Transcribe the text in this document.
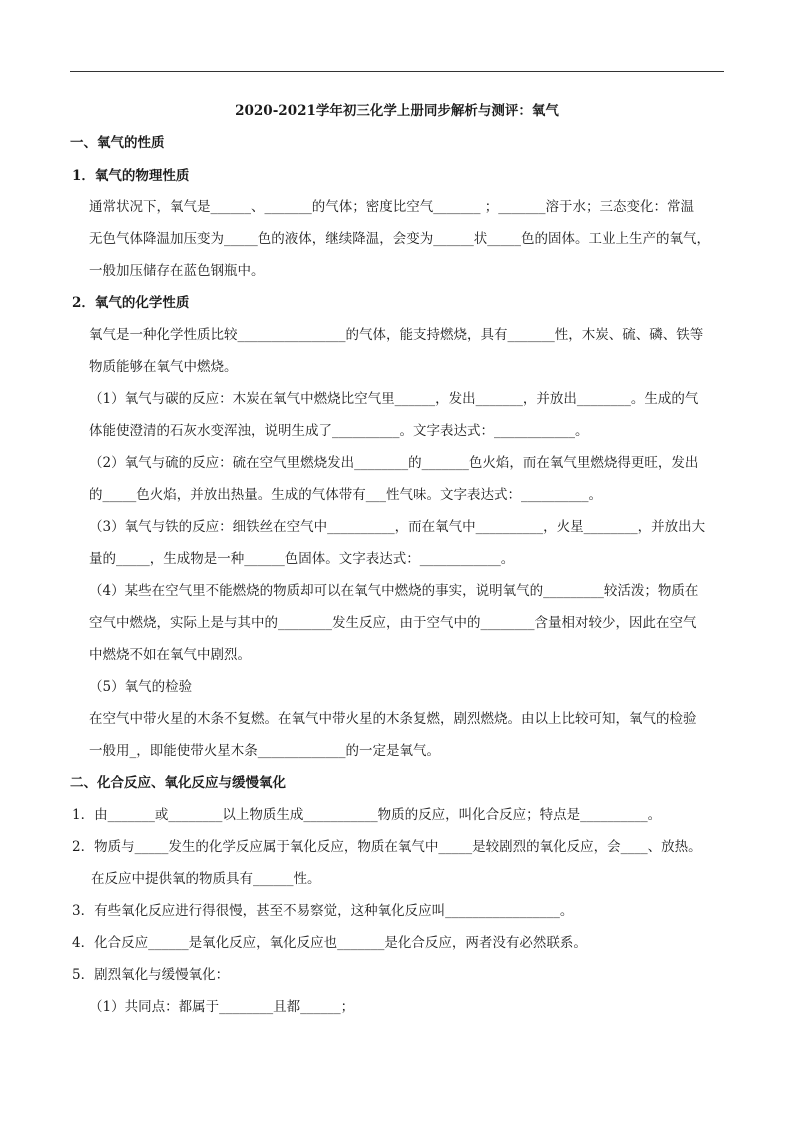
2020-2021学年初三化学上册同步解析与测评：氧气
一、氧气的性质
1．氧气的物理性质
通常状况下，氧气是______、_______的气体；密度比空气_______ ；_______溶于水；三态变化：常温
无色气体降温加压变为_____色的液体，继续降温，会变为______状_____色的固体。工业上生产的氧气，
一般加压储存在蓝色钢瓶中。
2．氧气的化学性质
氧气是一种化学性质比较________________的气体，能支持燃烧，具有_______性，木炭、硫、磷、铁等
物质能够在氧气中燃烧。
（1）氧气与碳的反应：木炭在氧气中燃烧比空气里______，发出_______，并放出________。生成的气
体能使澄清的石灰水变浑浊，说明生成了__________。文字表达式：____________。
（2）氧气与硫的反应：硫在空气里燃烧发出________的_______色火焰，而在氧气里燃烧得更旺，发出
的_____色火焰，并放出热量。生成的气体带有___性气味。文字表达式：__________。
（3）氧气与铁的反应：细铁丝在空气中__________，而在氧气中__________，火星________，并放出大
量的_____，生成物是一种______色固体。文字表达式：____________。
（4）某些在空气里不能燃烧的物质却可以在氧气中燃烧的事实，说明氧气的_________较活泼；物质在
空气中燃烧，实际上是与其中的________发生反应，由于空气中的________含量相对较少，因此在空气
中燃烧不如在氧气中剧烈。
（5）氧气的检验
在空气中带火星的木条不复燃。在氧气中带火星的木条复燃，剧烈燃烧。由以上比较可知，氧气的检验
一般用_，即能使带火星木条_____________的一定是氧气。
二、化合反应、氧化反应与缓慢氧化
1．由_______或________以上物质生成___________物质的反应，叫化合反应；特点是__________。
2．物质与_____发生的化学反应属于氧化反应，物质在氧气中_____是较剧烈的氧化反应，会____、放热。
在反应中提供氧的物质具有______性。
3．有些氧化反应进行得很慢，甚至不易察觉，这种氧化反应叫_________________。
4．化合反应______是氧化反应，氧化反应也_______是化合反应，两者没有必然联系。
5．剧烈氧化与缓慢氧化：
（1）共同点：都属于________且都______；
